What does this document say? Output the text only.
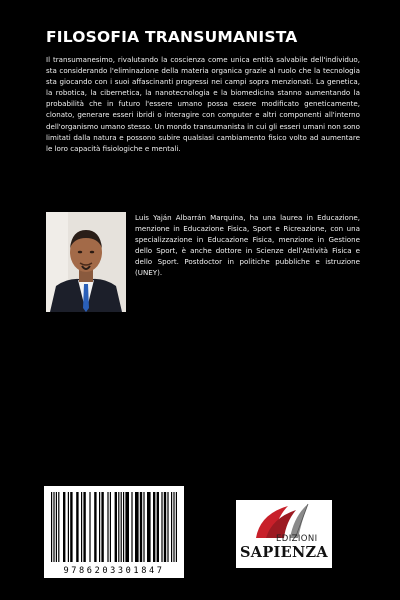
FILOSOFIA TRANSUMANISTA

Il transumanesimo, rivalutando la coscienza come unica entità salvabile dell'individuo, sta considerando l'eliminazione della materia organica grazie al ruolo che la tecnologia sta giocando con i suoi affascinanti progressi nei campi sopra menzionati. La genetica, la robotica, la cibernetica, la nanotecnologia e la biomedicina stanno aumentando la probabilità che in futuro l'essere umano possa essere modificato geneticamente, clonato, generare esseri ibridi o interagire con computer e altri componenti all'interno dell'organismo umano stesso. Un mondo transumanista in cui gli esseri umani non sono limitati dalla natura e possono subire qualsiasi cambiamento fisico volto ad aumentare le loro capacità fisiologiche e mentali.

Luis Yaján Albarrán Marquina, ha una laurea in Educazione, menzione in Educazione Fisica, Sport e Ricreazione, con una specializzazione in Educazione Fisica, menzione in Gestione dello Sport, è anche dottore in Scienze dell'Attività Fisica e dello Sport. Postdoctor in politiche pubbliche e istruzione (UNEY).

9786203301847
EDIZIONI
SAPIENZA
